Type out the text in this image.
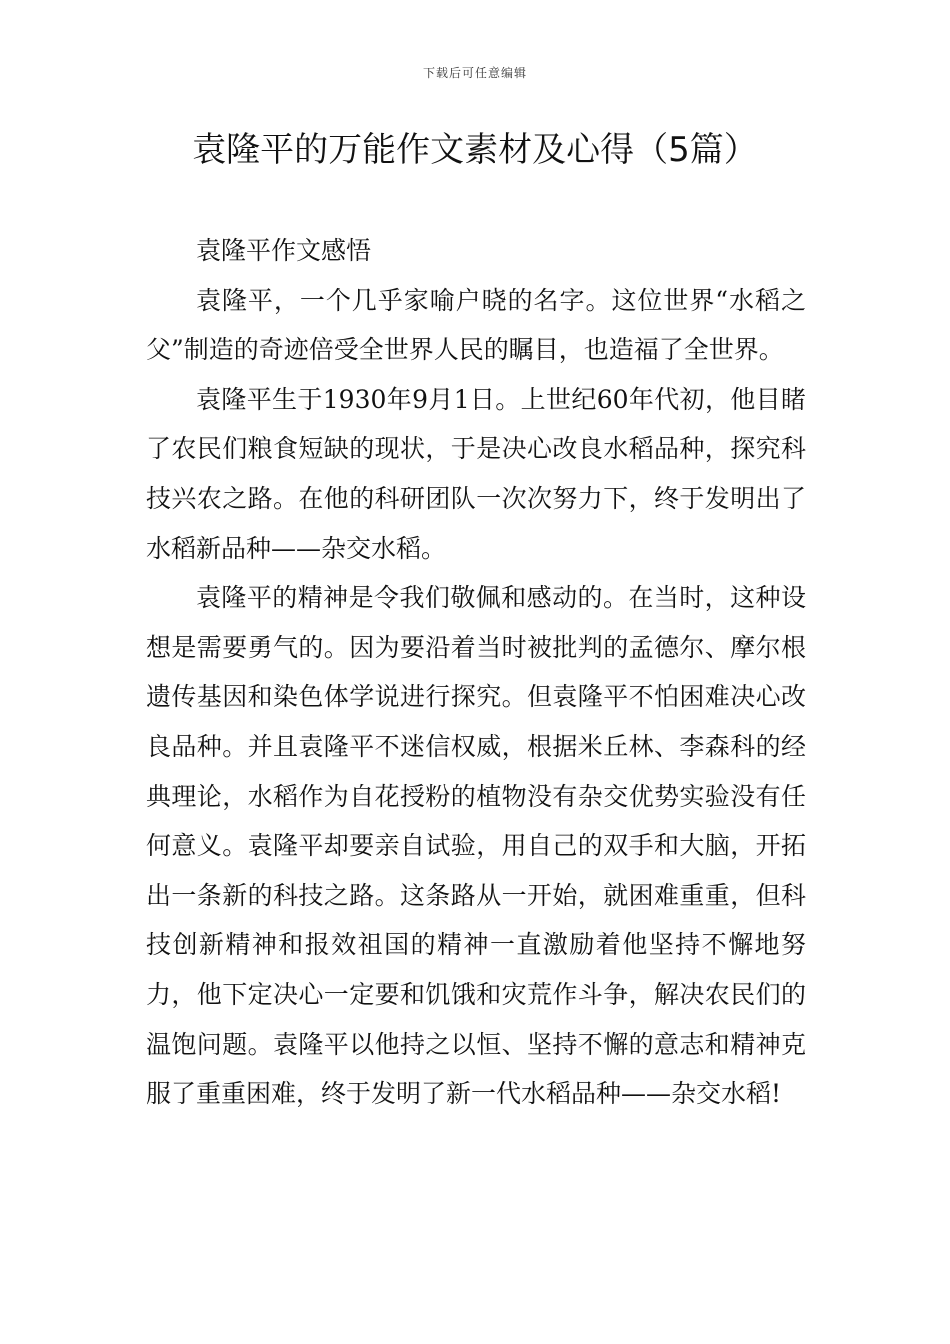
下载后可任意编辑
袁隆平的万能作文素材及心得（5篇）

袁隆平作文感悟

袁隆平，一个几乎家喻户晓的名字。这位世界“水稻之父”制造的奇迹倍受全世界人民的瞩目，也造福了全世界。

袁隆平生于1930年9月1日。上世纪60年代初，他目睹了农民们粮食短缺的现状，于是决心改良水稻品种，探究科技兴农之路。在他的科研团队一次次努力下，终于发明出了水稻新品种——杂交水稻。

袁隆平的精神是令我们敬佩和感动的。在当时，这种设想是需要勇气的。因为要沿着当时被批判的孟德尔、摩尔根遗传基因和染色体学说进行探究。但袁隆平不怕困难决心改良品种。并且袁隆平不迷信权威，根据米丘林、李森科的经典理论，水稻作为自花授粉的植物没有杂交优势实验没有任何意义。袁隆平却要亲自试验，用自己的双手和大脑，开拓出一条新的科技之路。这条路从一开始，就困难重重，但科技创新精神和报效祖国的精神一直激励着他坚持不懈地努力，他下定决心一定要和饥饿和灾荒作斗争，解决农民们的温饱问题。袁隆平以他持之以恒、坚持不懈的意志和精神克服了重重困难，终于发明了新一代水稻品种——杂交水稻!
